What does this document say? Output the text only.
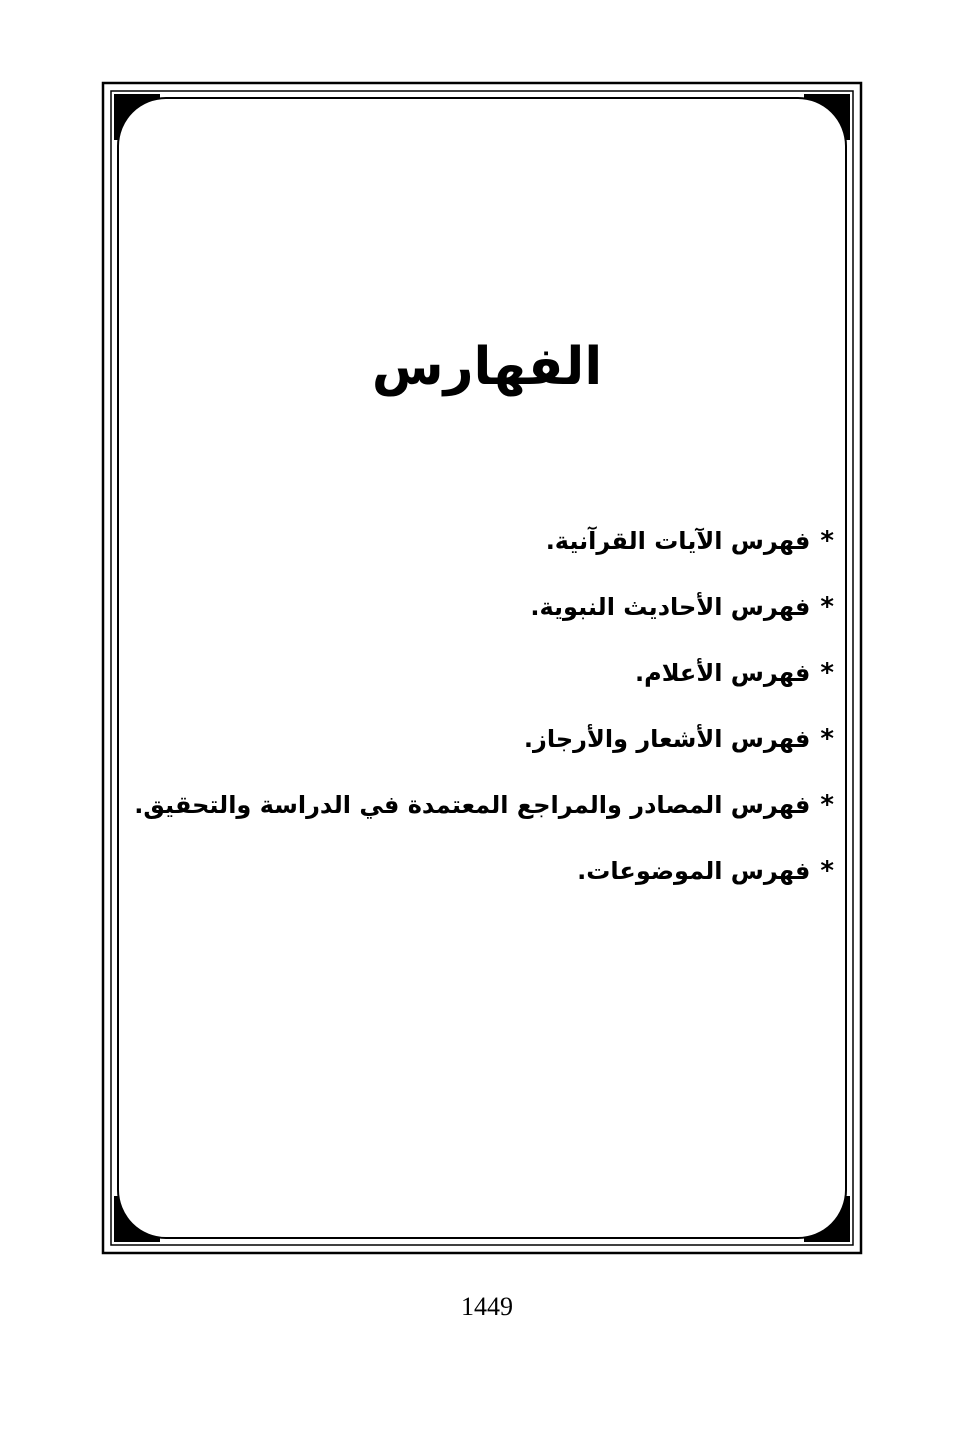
الفهارس
*
فهرس الآيات القرآنية.
*
فهرس الأحاديث النبوية.
*
فهرس الأعلام.
*
فهرس الأشعار والأرجاز.
*
فهرس المصادر والمراجع المعتمدة في الدراسة والتحقيق.
*
فهرس الموضوعات.
1449
